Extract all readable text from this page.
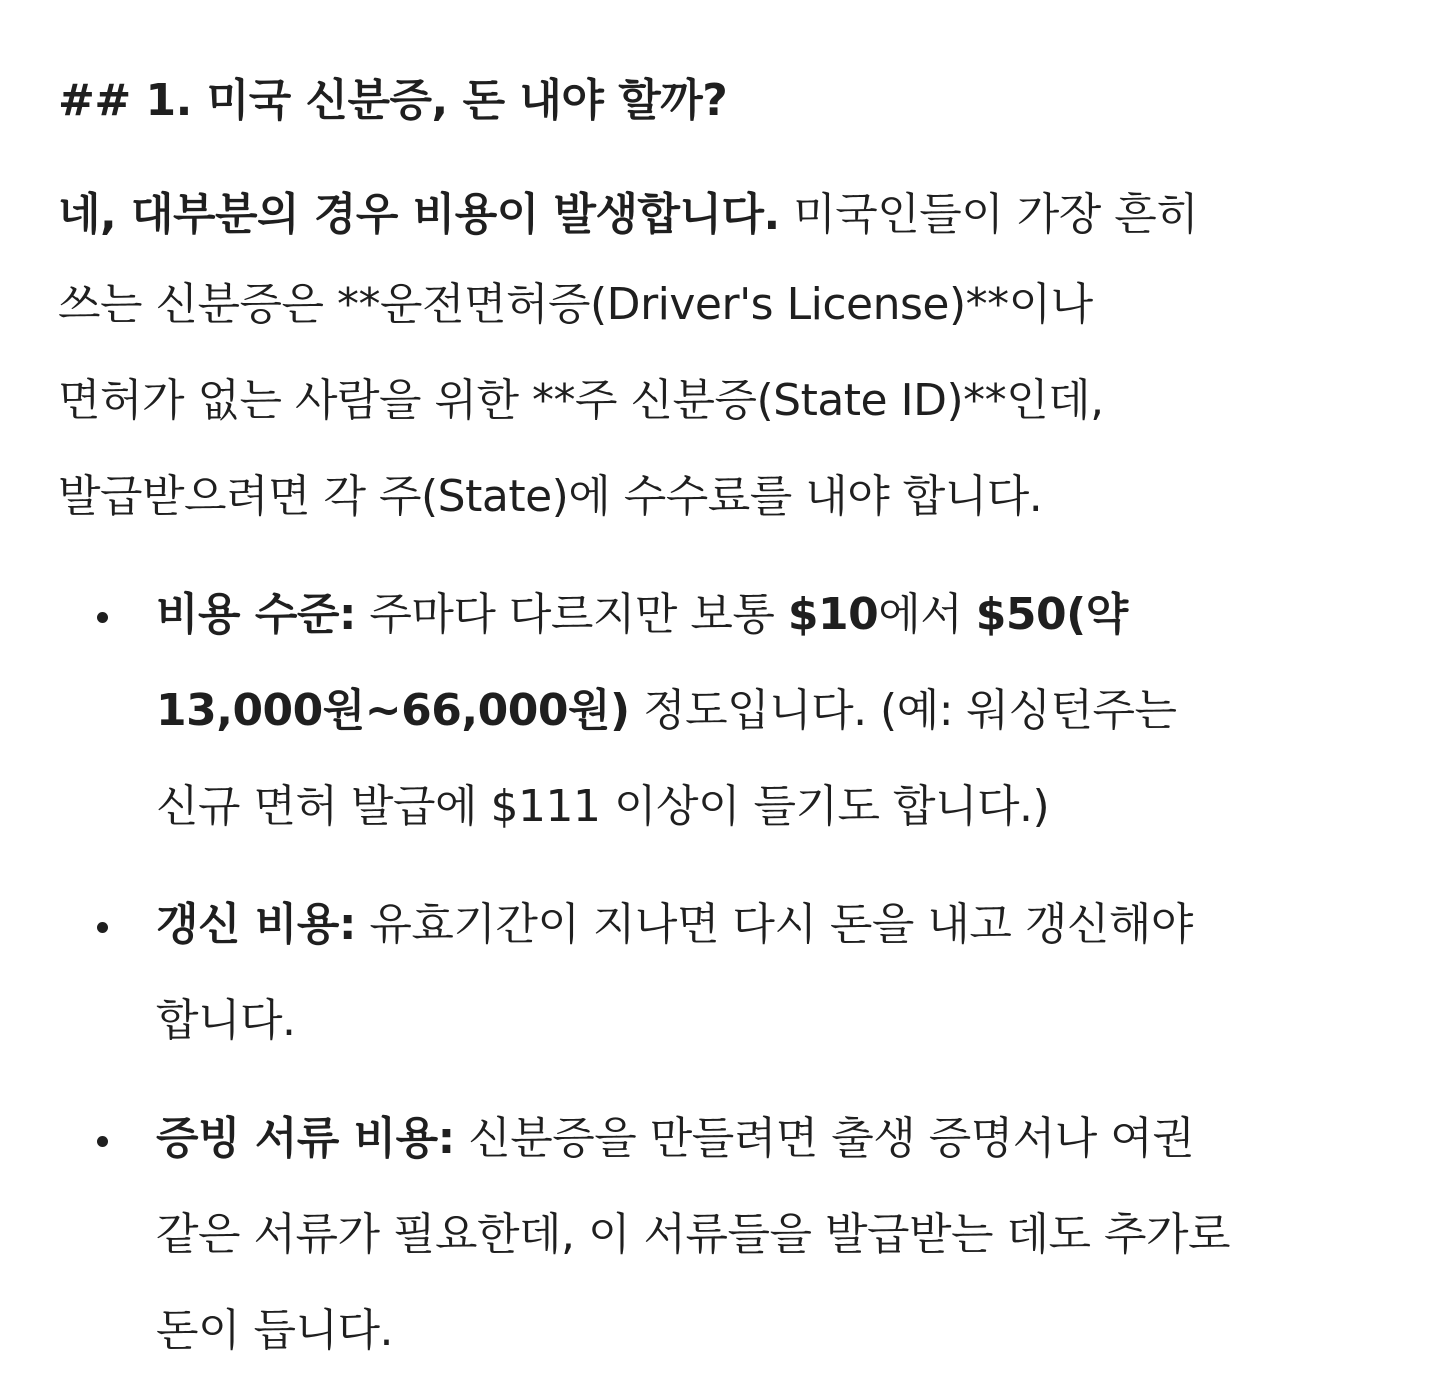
## 1. 미국 신분증, 돈 내야 할까?

네, 대부분의 경우 비용이 발생합니다. 미국인들이 가장 흔히
쓰는 신분증은 **운전면허증(Driver's License)**이나
면허가 없는 사람을 위한 **주 신분증(State ID)**인데,
발급받으려면 각 주(State)에 수수료를 내야 합니다.

비용 수준: 주마다 다르지만 보통 $10에서 $50(약
13,000원~66,000원) 정도입니다. (예: 워싱턴주는
신규 면허 발급에 $111 이상이 들기도 합니다.)
갱신 비용: 유효기간이 지나면 다시 돈을 내고 갱신해야
합니다.
증빙 서류 비용: 신분증을 만들려면 출생 증명서나 여권
같은 서류가 필요한데, 이 서류들을 발급받는 데도 추가로
돈이 듭니다.
